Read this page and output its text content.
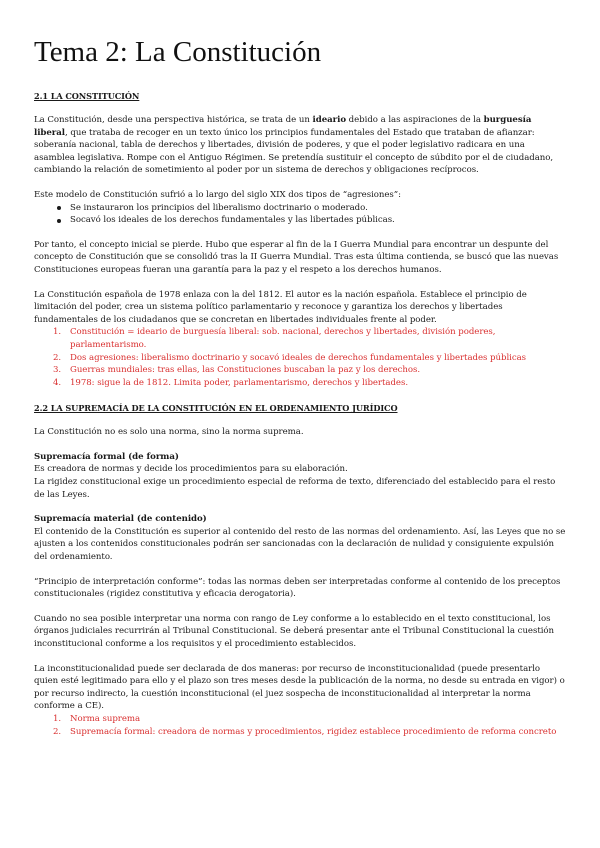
Tema 2: La Constitución
2.1 LA CONSTITUCIÓN

La Constitución, desde una perspectiva histórica, se trata de un ideario debido a las aspiraciones de la burguesía liberal, que trataba de recoger en un texto único los principios fundamentales del Estado que trataban de afianzar: soberanía nacional, tabla de derechos y libertades, división de poderes, y que el poder legislativo radicara en una asamblea legislativa. Rompe con el Antiguo Régimen. Se pretendía sustituir el concepto de súbdito por el de ciudadano, cambiando la relación de sometimiento al poder por un sistema de derechos y obligaciones recíprocos.

Este modelo de Constitución sufrió a lo largo del siglo XIX dos tipos de “agresiones”:

Se instauraron los principios del liberalismo doctrinario o moderado.
Socavó los ideales de los derechos fundamentales y las libertades públicas.

Por tanto, el concepto inicial se pierde. Hubo que esperar al fin de la I Guerra Mundial para encontrar un despunte del concepto de Constitución que se consolidó tras la II Guerra Mundial. Tras esta última contienda, se buscó que las nuevas Constituciones europeas fueran una garantía para la paz y el respeto a los derechos humanos.

La Constitución española de 1978 enlaza con la del 1812. El autor es la nación española. Establece el principio de limitación del poder, crea un sistema político parlamentario y reconoce y garantiza los derechos y libertades fundamentales de los ciudadanos que se concretan en libertades individuales frente al poder.

1. Constitución = ideario de burguesía liberal: sob. nacional, derechos y libertades, división poderes, parlamentarismo.
2. Dos agresiones: liberalismo doctrinario y socavó ideales de derechos fundamentales y libertades públicas
3. Guerras mundiales: tras ellas, las Constituciones buscaban la paz y los derechos.
4. 1978: sigue la de 1812. Limita poder, parlamentarismo, derechos y libertades.
2.2 LA SUPREMACÍA DE LA CONSTITUCIÓN EN EL ORDENAMIENTO JURÍDICO

La Constitución no es solo una norma, sino la norma suprema.

Supremacía formal (de forma)

Es creadora de normas y decide los procedimientos para su elaboración.

La rigidez constitucional exige un procedimiento especial de reforma de texto, diferenciado del establecido para el resto de las Leyes.

Supremacía material (de contenido)

El contenido de la Constitución es superior al contenido del resto de las normas del ordenamiento. Así, las Leyes que no se ajusten a los contenidos constitucionales podrán ser sancionadas con la declaración de nulidad y consiguiente expulsión del ordenamiento.

“Principio de interpretación conforme”: todas las normas deben ser interpretadas conforme al contenido de los preceptos constitucionales (rigidez constitutiva y eficacia derogatoria).

Cuando no sea posible interpretar una norma con rango de Ley conforme a lo establecido en el texto constitucional, los órganos judiciales recurrirán al Tribunal Constitucional. Se deberá presentar ante el Tribunal Constitucional la cuestión inconstitucional conforme a los requisitos y el procedimiento establecidos.

La inconstitucionalidad puede ser declarada de dos maneras: por recurso de inconstitucionalidad (puede presentarlo quien esté legitimado para ello y el plazo son tres meses desde la publicación de la norma, no desde su entrada en vigor) o por recurso indirecto, la cuestión inconstitucional (el juez sospecha de inconstitucionalidad al interpretar la norma conforme a CE).

1. Norma suprema
2. Supremacía formal: creadora de normas y procedimientos, rigidez establece procedimiento de reforma concreto
